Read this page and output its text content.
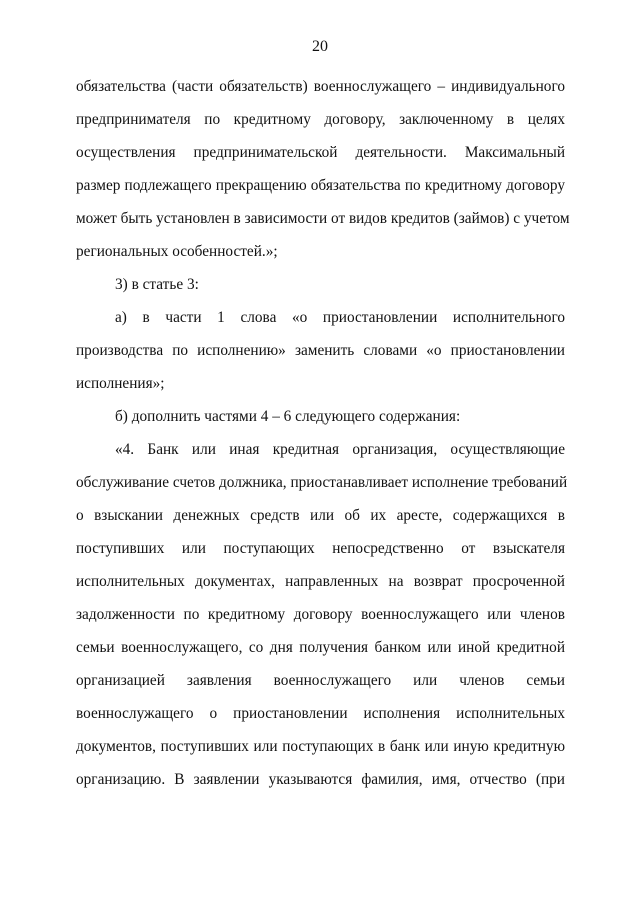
20
обязательства (части обязательств) военнослужащего – индивидуального
предпринимателя по кредитному договору, заключенному в целях
осуществления предпринимательской деятельности. Максимальный
размер подлежащего прекращению обязательства по кредитному договору
может быть установлен в зависимости от видов кредитов (займов) с учетом
региональных особенностей.»;
3) в статье 3:
а) в части 1 слова «о приостановлении исполнительного
производства по исполнению» заменить словами «о приостановлении
исполнения»;
б) дополнить частями 4 – 6 следующего содержания:
«4. Банк или иная кредитная организация, осуществляющие
обслуживание счетов должника, приостанавливает исполнение требований
о взыскании денежных средств или об их аресте, содержащихся в
поступивших или поступающих непосредственно от взыскателя
исполнительных документах, направленных на возврат просроченной
задолженности по кредитному договору военнослужащего или членов
семьи военнослужащего, со дня получения банком или иной кредитной
организацией заявления военнослужащего или членов семьи
военнослужащего о приостановлении исполнения исполнительных
документов, поступивших или поступающих в банк или иную кредитную
организацию. В заявлении указываются фамилия, имя, отчество (при
